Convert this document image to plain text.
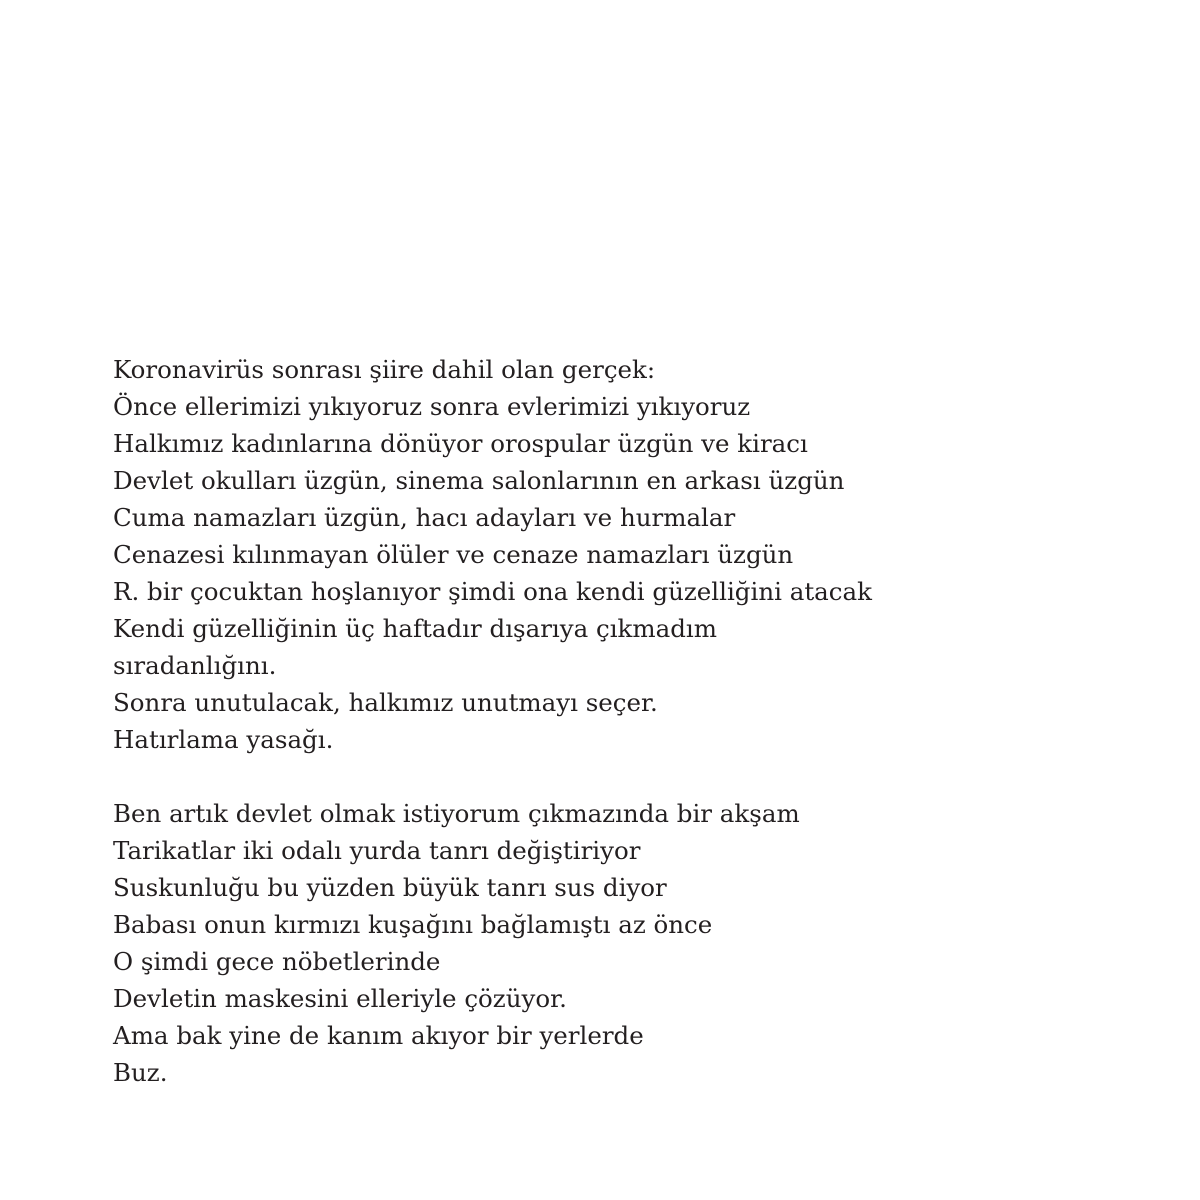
Koronavirüs sonrası şiire dahil olan gerçek:
Önce ellerimizi yıkıyoruz sonra evlerimizi yıkıyoruz
Halkımız kadınlarına dönüyor orospular üzgün ve kiracı
Devlet okulları üzgün, sinema salonlarının en arkası üzgün
Cuma namazları üzgün, hacı adayları ve hurmalar
Cenazesi kılınmayan ölüler ve cenaze namazları üzgün
R. bir çocuktan hoşlanıyor şimdi ona kendi güzelliğini atacak
Kendi güzelliğinin üç haftadır dışarıya çıkmadım
sıradanlığını.
Sonra unutulacak, halkımız unutmayı seçer.
Hatırlama yasağı.

Ben artık devlet olmak istiyorum çıkmazında bir akşam
Tarikatlar iki odalı yurda tanrı değiştiriyor
Suskunluğu bu yüzden büyük tanrı sus diyor
Babası onun kırmızı kuşağını bağlamıştı az önce
O şimdi gece nöbetlerinde
Devletin maskesini elleriyle çözüyor.
Ama bak yine de kanım akıyor bir yerlerde
Buz.
